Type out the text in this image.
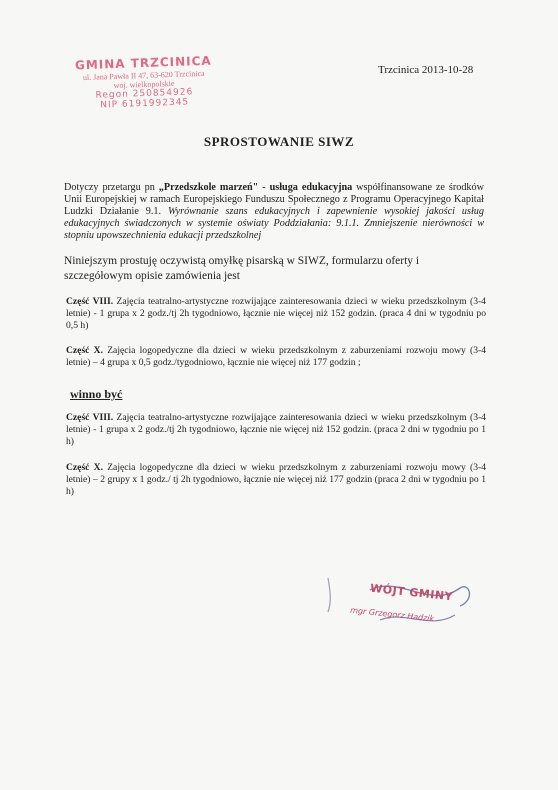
GMINA TRZCINICA
ul. Jana Pawła II 47, 63-620 Trzcinica
woj. wielkopolskie
Regon 250854926
NIP 6191992345
Trzcinica 2013-10-28
SPROSTOWANIE SIWZ
Dotyczy przetargu pn „Przedszkole marzeń" - usługa edukacyjna współfinansowane ze środków Unii Europejskiej w ramach Europejskiego Funduszu Społecznego z Programu Operacyjnego Kapitał Ludzki Działanie 9.1. Wyrównanie szans edukacyjnych i zapewnienie wysokiej jakości usług edukacyjnych świadczonych w systemie oświaty Poddziałania: 9.1.1. Zmniejszenie nierówności w stopniu upowszechnienia edukacji przedszkolnej
Niniejszym prostuję oczywistą omyłkę pisarską w SIWZ, formularzu oferty i szczegółowym opisie zamówienia jest
Część VIII. Zajęcia teatralno-artystyczne rozwijające zainteresowania dzieci w wieku przedszkolnym (3-4 letnie) - 1 grupa x 2 godz./tj 2h tygodniowo, łącznie nie więcej niż 152 godzin. (praca 4 dni w tygodniu po 0,5 h)
Część X. Zajęcia logopedyczne dla dzieci w wieku przedszkolnym z zaburzeniami rozwoju mowy (3-4 letnie) – 4 grupa x 0,5 godz./tygodniowo, łącznie nie więcej niż 177 godzin ;
winno być
Część VIII. Zajęcia teatralno-artystyczne rozwijające zainteresowania dzieci w wieku przedszkolnym (3-4 letnie) - 1 grupa x 2 godz./tj 2h tygodniowo, łącznie nie więcej niż 152 godzin. (praca 2 dni w tygodniu po 1 h)
Część X. Zajęcia logopedyczne dla dzieci w wieku przedszkolnym z zaburzeniami rozwoju mowy (3-4 letnie) – 2 grupy x 1 godz./ tj 2h tygodniowo, łącznie nie więcej niż 177 godzin (praca 2 dni w tygodniu po 1 h)
WÓJT GMINY
mgr Grzegorz Hadzik
